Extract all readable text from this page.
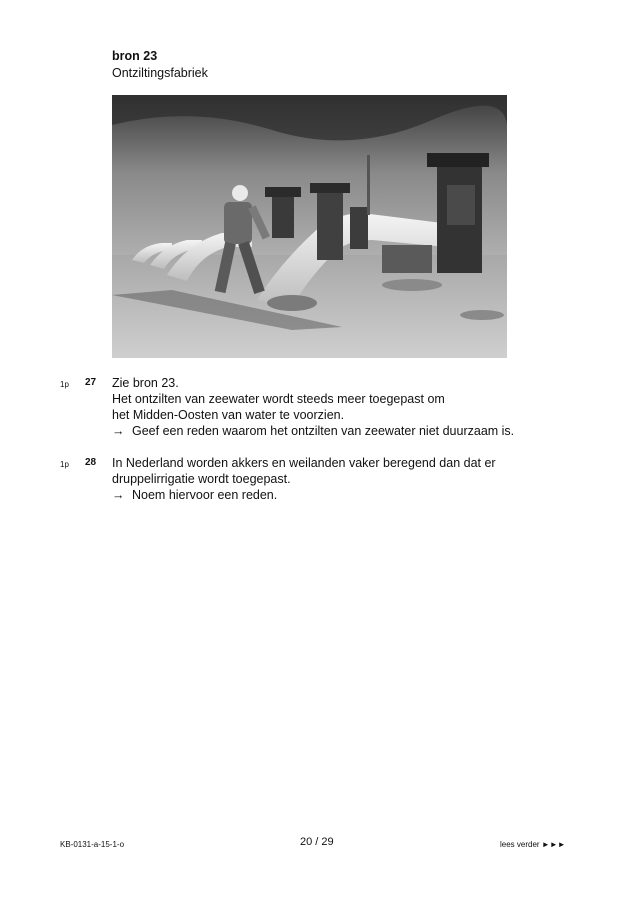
bron 23
Ontziltingsfabriek
1p 27 Zie bron 23.
Het ontzilten van zeewater wordt steeds meer toegepast om
het Midden-Oosten van water te voorzien.
→ Geef een reden waarom het ontzilten van zeewater niet duurzaam is.
1p 28 In Nederland worden akkers en weilanden vaker beregend dan dat er
druppelirrigatie wordt toegepast.
→ Noem hiervoor een reden.
KB-0131-a-15-1-o	20 / 29	lees verder ►►►
